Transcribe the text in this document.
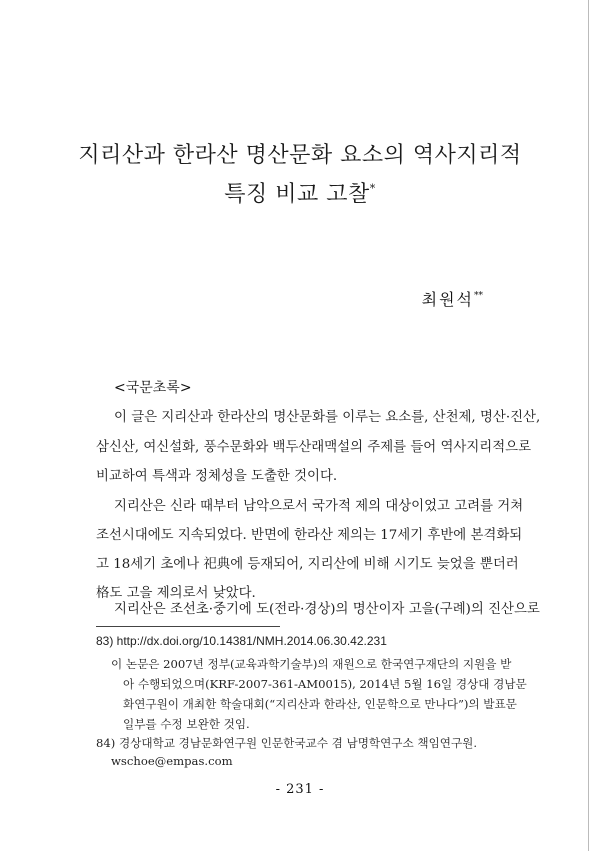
지리산과 한라산 명산문화 요소의 역사지리적
특징 비교 고찰*
최원석**
<국문초록>
이 글은 지리산과 한라산의 명산문화를 이루는 요소를, 산천제, 명산·진산,
삼신산, 여신설화, 풍수문화와 백두산래맥설의 주제를 들어 역사지리적으로
비교하여 특색과 정체성을 도출한 것이다.
지리산은 신라 때부터 남악으로서 국가적 제의 대상이었고 고려를 거쳐
조선시대에도 지속되었다. 반면에 한라산 제의는 17세기 후반에 본격화되
고 18세기 초에나 祀典에 등재되어, 지리산에 비해 시기도 늦었을 뿐더러
格도 고을 제의로서 낮았다.
지리산은 조선초·중기에 도(전라·경상)의 명산이자 고을(구례)의 진산으로
83) http://dx.doi.org/10.14381/NMH.2014.06.30.42.231
이 논문은 2007년 정부(교육과학기술부)의 재원으로 한국연구재단의 지원을 받
아 수행되었으며(KRF-2007-361-AM0015), 2014년 5월 16일 경상대 경남문
화연구원이 개최한 학술대회(“지리산과 한라산, 인문학으로 만나다”)의 발표문
일부를 수정 보완한 것임.
84) 경상대학교 경남문화연구원 인문한국교수 겸 남명학연구소 책임연구원.
wschoe@empas.com
- 231 -
